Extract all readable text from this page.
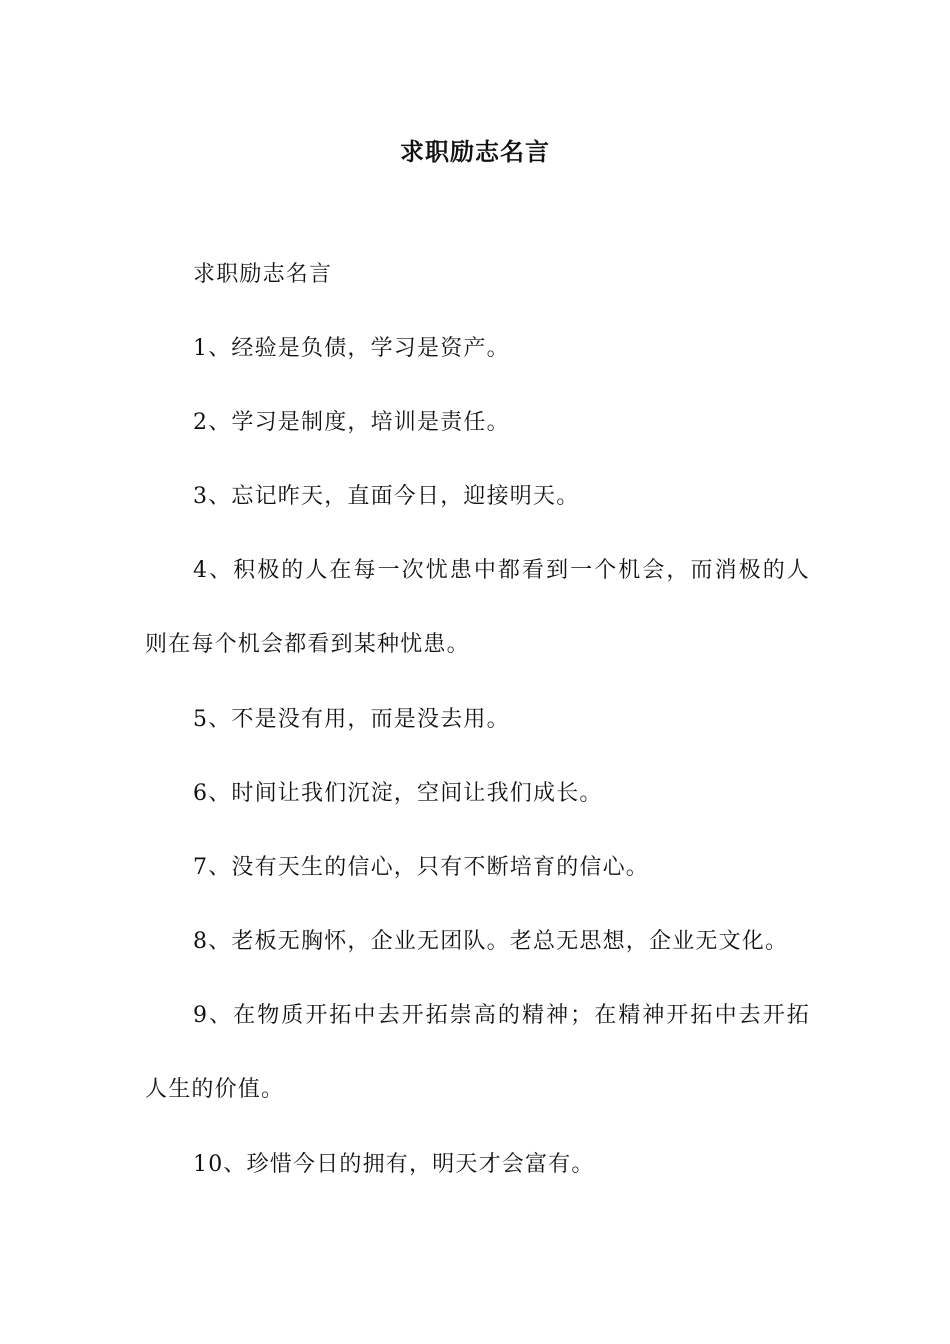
求职励志名言

求职励志名言

1、经验是负债，学习是资产。

2、学习是制度，培训是责任。

3、忘记昨天，直面今日，迎接明天。

4、积极的人在每一次忧患中都看到一个机会，而消极的人则在每个机会都看到某种忧患。

5、不是没有用，而是没去用。

6、时间让我们沉淀，空间让我们成长。

7、没有天生的信心，只有不断培育的信心。

8、老板无胸怀，企业无团队。老总无思想，企业无文化。

9、在物质开拓中去开拓崇高的精神；在精神开拓中去开拓人生的价值。

10、珍惜今日的拥有，明天才会富有。
